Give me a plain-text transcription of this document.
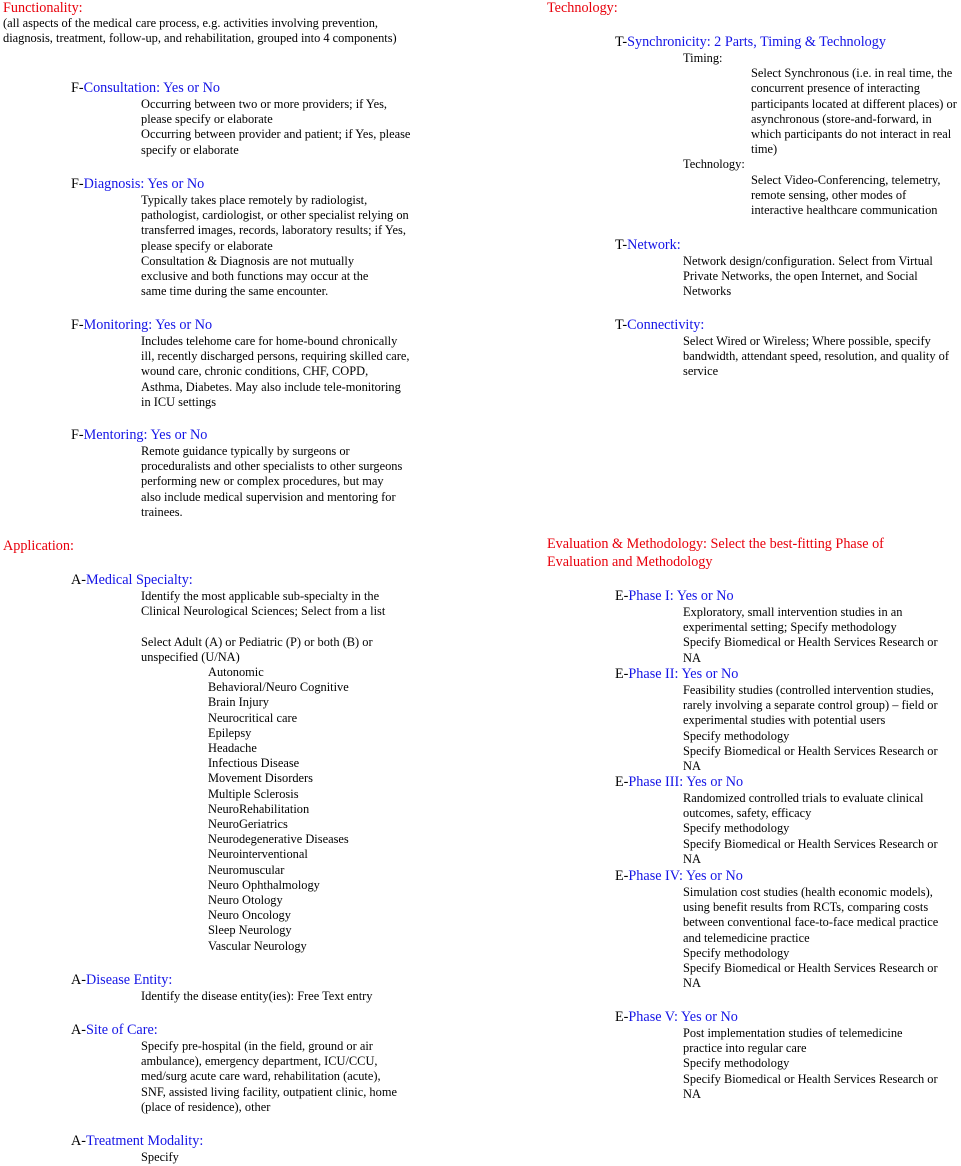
Functionality:
(all aspects of the medical care process, e.g. activities involving prevention, diagnosis, treatment, follow-up, and rehabilitation, grouped into 4 components)
F-Consultation: Yes or No
Occurring between two or more providers; if Yes, please specify or elaborate
Occurring between provider and patient; if Yes, please specify or elaborate
F-Diagnosis: Yes or No
Typically takes place remotely by radiologist, pathologist, cardiologist, or other specialist relying on transferred images, records, laboratory results; if Yes, please specify or elaborate
Consultation & Diagnosis are not mutually exclusive and both functions may occur at the same time during the same encounter.
F-Monitoring: Yes or No
Includes telehome care for home-bound chronically ill, recently discharged persons, requiring skilled care, wound care, chronic conditions, CHF, COPD, Asthma, Diabetes. May also include tele-monitoring in ICU settings
F-Mentoring: Yes or No
Remote guidance typically by surgeons or proceduralists and other specialists to other surgeons performing new or complex procedures, but may also include medical supervision and mentoring for trainees.
Application:
A-Medical Specialty:
Identify the most applicable sub-specialty in the Clinical Neurological Sciences; Select from a list
Select Adult (A) or Pediatric (P) or both (B) or unspecified (U/NA)
Autonomic
Behavioral/Neuro Cognitive
Brain Injury
Neurocritical care
Epilepsy
Headache
Infectious Disease
Movement Disorders
Multiple Sclerosis
NeuroRehabilitation
NeuroGeriatrics
Neurodegenerative Diseases
Neurointerventional
Neuromuscular
Neuro Ophthalmology
Neuro Otology
Neuro Oncology
Sleep Neurology
Vascular Neurology
A-Disease Entity:
Identify the disease entity(ies): Free Text entry
A-Site of Care:
Specify pre-hospital (in the field, ground or air ambulance), emergency department, ICU/CCU, med/surg acute care ward, rehabilitation (acute), SNF, assisted living facility, outpatient clinic, home (place of residence), other
A-Treatment Modality:
Specify
Technology:
T-Synchronicity: 2 Parts, Timing & Technology
Timing:
Select Synchronous (i.e. in real time, the concurrent presence of interacting participants located at different places) or asynchronous (store-and-forward, in which participants do not interact in real time)
Technology:
Select Video-Conferencing, telemetry, remote sensing, other modes of interactive healthcare communication
T-Network:
Network design/configuration. Select from Virtual Private Networks, the open Internet, and Social Networks
T-Connectivity:
Select Wired or Wireless; Where possible, specify bandwidth, attendant speed, resolution, and quality of service
Evaluation & Methodology: Select the best-fitting Phase of Evaluation and Methodology
E-Phase I: Yes or No
Exploratory, small intervention studies in an experimental setting; Specify methodology
Specify Biomedical or Health Services Research or NA
E-Phase II: Yes or No
Feasibility studies (controlled intervention studies, rarely involving a separate control group) – field or experimental studies with potential users
Specify methodology
Specify Biomedical or Health Services Research or NA
E-Phase III: Yes or No
Randomized controlled trials to evaluate clinical outcomes, safety, efficacy
Specify methodology
Specify Biomedical or Health Services Research or NA
E-Phase IV: Yes or No
Simulation cost studies (health economic models), using benefit results from RCTs, comparing costs between conventional face-to-face medical practice and telemedicine practice
Specify methodology
Specify Biomedical or Health Services Research or NA
E-Phase V: Yes or No
Post implementation studies of telemedicine practice into regular care
Specify methodology
Specify Biomedical or Health Services Research or NA
